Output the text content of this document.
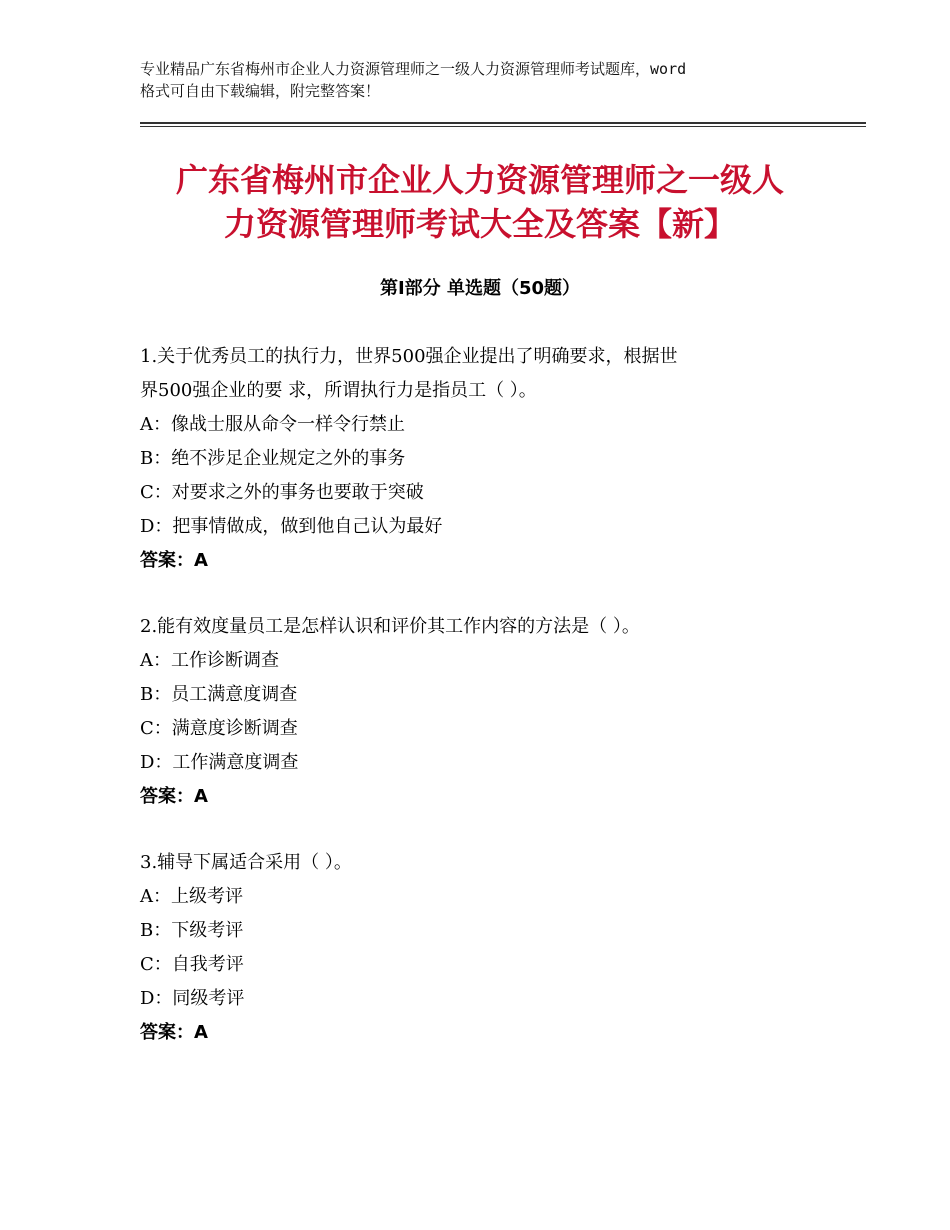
专业精品广东省梅州市企业人力资源管理师之一级人力资源管理师考试题库，word
格式可自由下载编辑，附完整答案！
广东省梅州市企业人力资源管理师之一级人
力资源管理师考试大全及答案【新】
第Ⅰ部分 单选题（50题）
1.关于优秀员工的执行力，世界500强企业提出了明确要求，根据世
界500强企业的要 求，所谓执行力是指员工（ ）。
A：像战士服从命令一样令行禁止
B：绝不涉足企业规定之外的事务
C：对要求之外的事务也要敢于突破
D：把事情做成，做到他自己认为最好
答案：A
2.能有效度量员工是怎样认识和评价其工作内容的方法是（ ）。
A：工作诊断调查
B：员工满意度调查
C：满意度诊断调查
D：工作满意度调查
答案：A
3.辅导下属适合采用（ ）。
A：上级考评
B：下级考评
C：自我考评
D：同级考评
答案：A
